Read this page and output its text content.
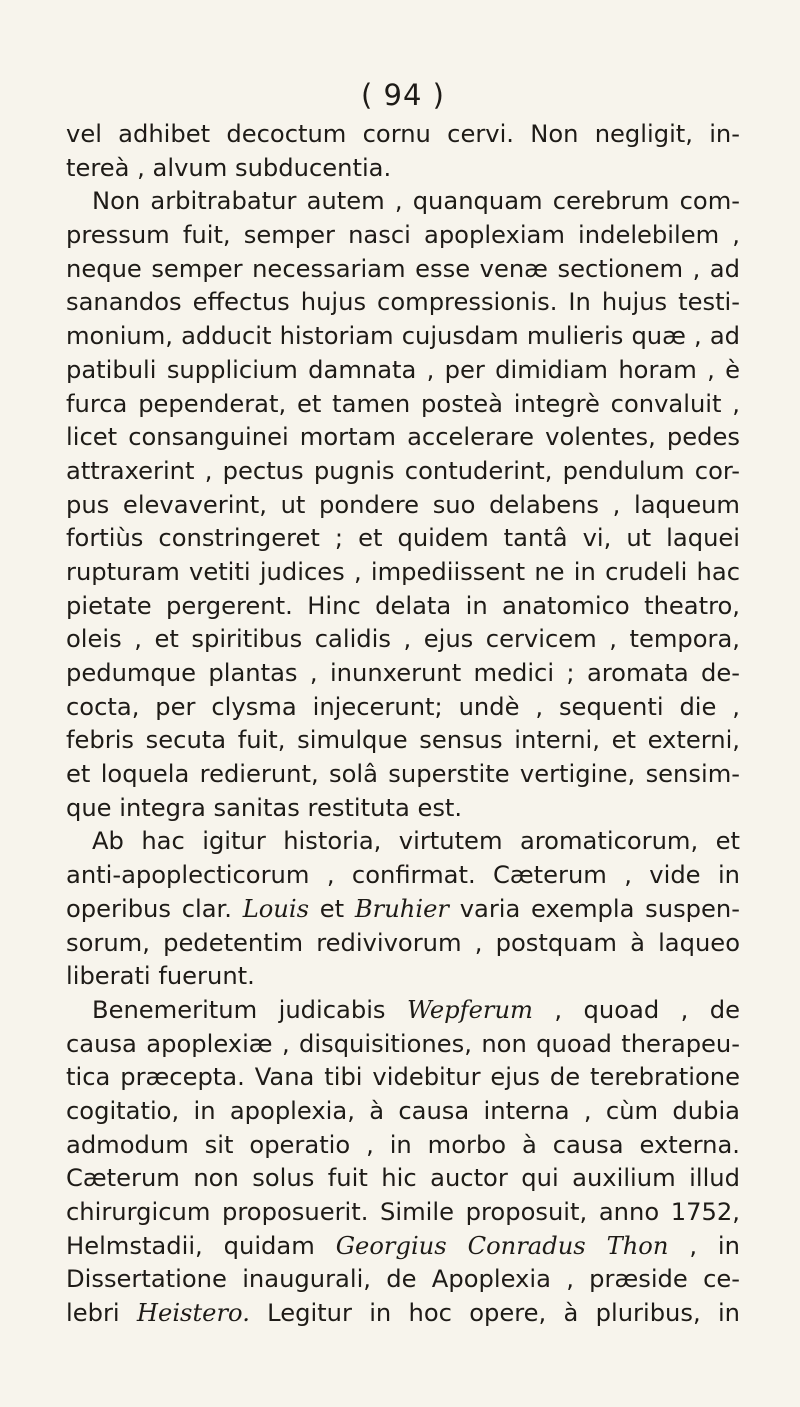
( 94 )
vel adhibet decoctum cornu cervi. Non negligit, in-
tereà , alvum subducentia.
Non arbitrabatur autem , quanquam cerebrum com-
pressum fuit, semper nasci apoplexiam indelebilem ,
neque semper necessariam esse venæ sectionem , ad
sanandos effectus hujus compressionis. In hujus testi-
monium, adducit historiam cujusdam mulieris quæ , ad
patibuli supplicium damnata , per dimidiam horam , è
furca pependerat, et tamen posteà integrè convaluit ,
licet consanguinei mortam accelerare volentes, pedes
attraxerint , pectus pugnis contuderint, pendulum cor-
pus elevaverint, ut pondere suo delabens , laqueum
fortiùs constringeret ; et quidem tantâ vi, ut laquei
rupturam vetiti judices , impediissent ne in crudeli hac
pietate pergerent. Hinc delata in anatomico theatro,
oleis , et spiritibus calidis , ejus cervicem , tempora,
pedumque plantas , inunxerunt medici ; aromata de-
cocta, per clysma injecerunt; undè , sequenti die ,
febris secuta fuit, simulque sensus interni, et externi,
et loquela redierunt, solâ superstite vertigine, sensim-
que integra sanitas restituta est.
Ab hac igitur historia, virtutem aromaticorum, et
anti-apoplecticorum , confirmat. Cæterum , vide in
operibus clar. Louis et Bruhier varia exempla suspen-
sorum, pedetentim redivivorum , postquam à laqueo
liberati fuerunt.
Benemeritum judicabis Wepferum , quoad , de
causa apoplexiæ , disquisitiones, non quoad therapeu-
tica præcepta. Vana tibi videbitur ejus de terebratione
cogitatio, in apoplexia, à causa interna , cùm dubia
admodum sit operatio , in morbo à causa externa.
Cæterum non solus fuit hic auctor qui auxilium illud
chirurgicum proposuerit. Simile proposuit, anno 1752,
Helmstadii, quidam Georgius Conradus Thon , in
Dissertatione inaugurali, de Apoplexia , præside ce-
lebri Heistero. Legitur in hoc opere, à pluribus, in
